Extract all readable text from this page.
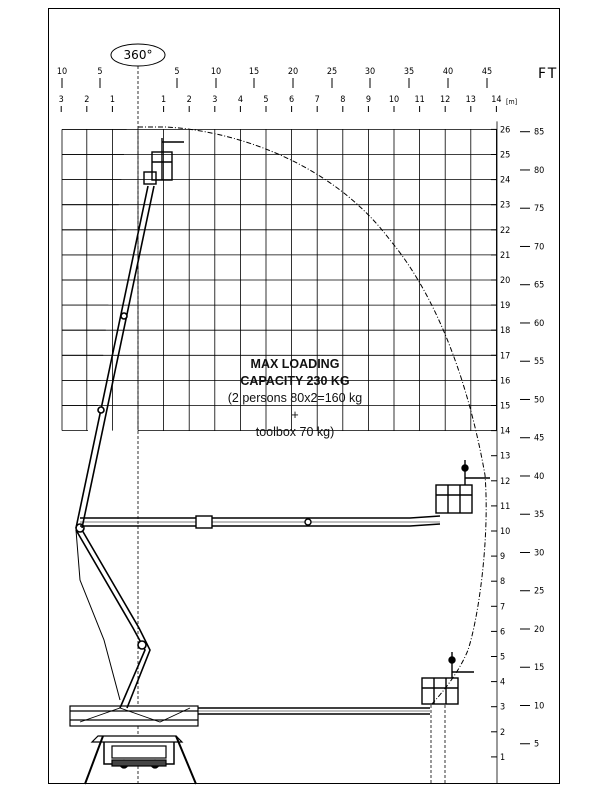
10	5	5	10	15	20	25	30	35	40	45
3 2 1	1 2 3 4 5 6 7 8 9 10 11 12 13 14
26
25
24
23
22
21
20
19
18
17
16
15
14
13
12
11
10
9
8
7
6
5
4
3
2
1
85
80
75
70
65
60
55
50
45
40
35
30
25
20
15
10
5
360°
FT
[m]
MAX LOADING
CAPACITY 230 KG
(2 persons 80x2=160 kg
+
toolbox 70 kg)
